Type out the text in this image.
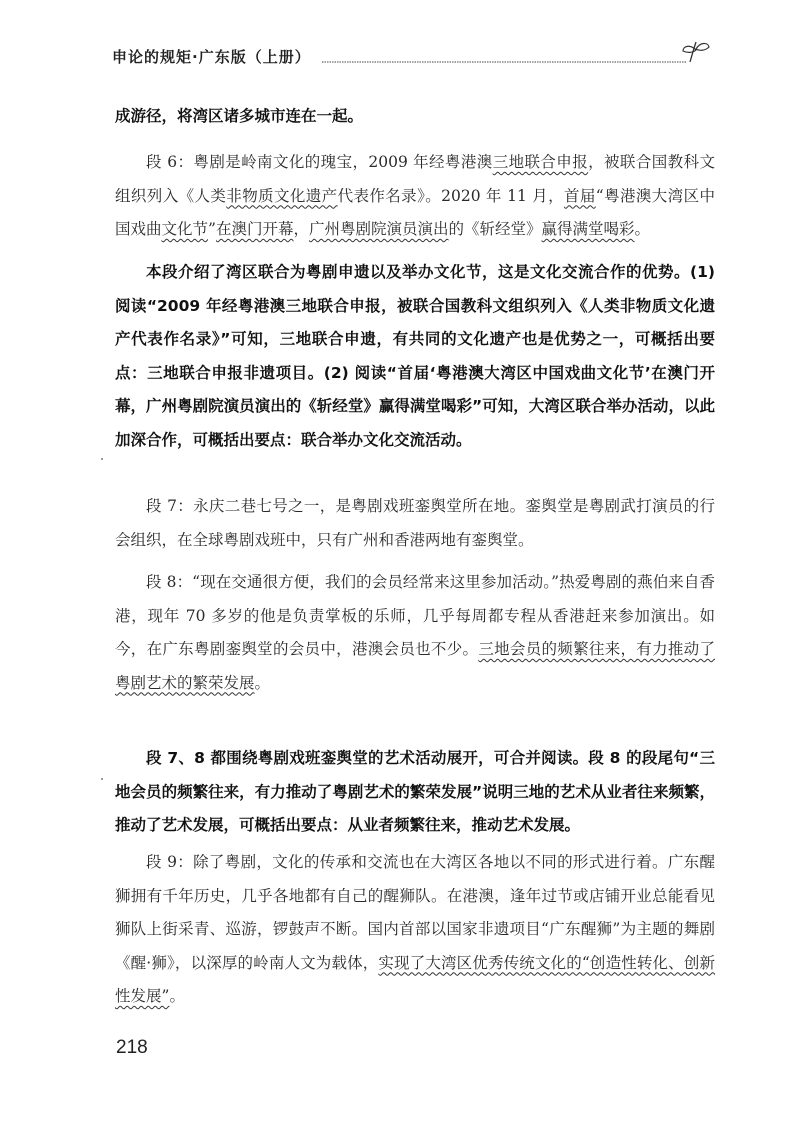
申论的规矩·广东版（上册）
成游径，将湾区诸多城市连在一起。
段 6：粤剧是岭南文化的瑰宝，2009 年经粤港澳三地联合申报，被联合国教科文组织列入《人类非物质文化遗产代表作名录》。2020 年 11 月，首届“粤港澳大湾区中国戏曲文化节”在澳门开幕，广州粤剧院演员演出的《斩经堂》赢得满堂喝彩。
本段介绍了湾区联合为粤剧申遗以及举办文化节，这是文化交流合作的优势。(1) 阅读“2009 年经粤港澳三地联合申报，被联合国教科文组织列入《人类非物质文化遗产代表作名录》”可知，三地联合申遗，有共同的文化遗产也是优势之一，可概括出要点：三地联合申报非遗项目。(2) 阅读“首届‘粤港澳大湾区中国戏曲文化节’在澳门开幕，广州粤剧院演员演出的《斩经堂》赢得满堂喝彩”可知，大湾区联合举办活动，以此加深合作，可概括出要点：联合举办文化交流活动。
段 7：永庆二巷七号之一，是粤剧戏班銮舆堂所在地。銮舆堂是粤剧武打演员的行会组织，在全球粤剧戏班中，只有广州和香港两地有銮舆堂。
段 8：“现在交通很方便，我们的会员经常来这里参加活动。”热爱粤剧的燕伯来自香港，现年 70 多岁的他是负责掌板的乐师，几乎每周都专程从香港赶来参加演出。如今，在广东粤剧銮舆堂的会员中，港澳会员也不少。三地会员的频繁往来，有力推动了粤剧艺术的繁荣发展。
段 7、8 都围绕粤剧戏班銮舆堂的艺术活动展开，可合并阅读。段 8 的段尾句“三地会员的频繁往来，有力推动了粤剧艺术的繁荣发展”说明三地的艺术从业者往来频繁，推动了艺术发展，可概括出要点：从业者频繁往来，推动艺术发展。
段 9：除了粤剧，文化的传承和交流也在大湾区各地以不同的形式进行着。广东醒狮拥有千年历史，几乎各地都有自己的醒狮队。在港澳，逢年过节或店铺开业总能看见狮队上街采青、巡游，锣鼓声不断。国内首部以国家非遗项目“广东醒狮”为主题的舞剧《醒·狮》，以深厚的岭南人文为载体，实现了大湾区优秀传统文化的“创造性转化、创新性发展”。
218
